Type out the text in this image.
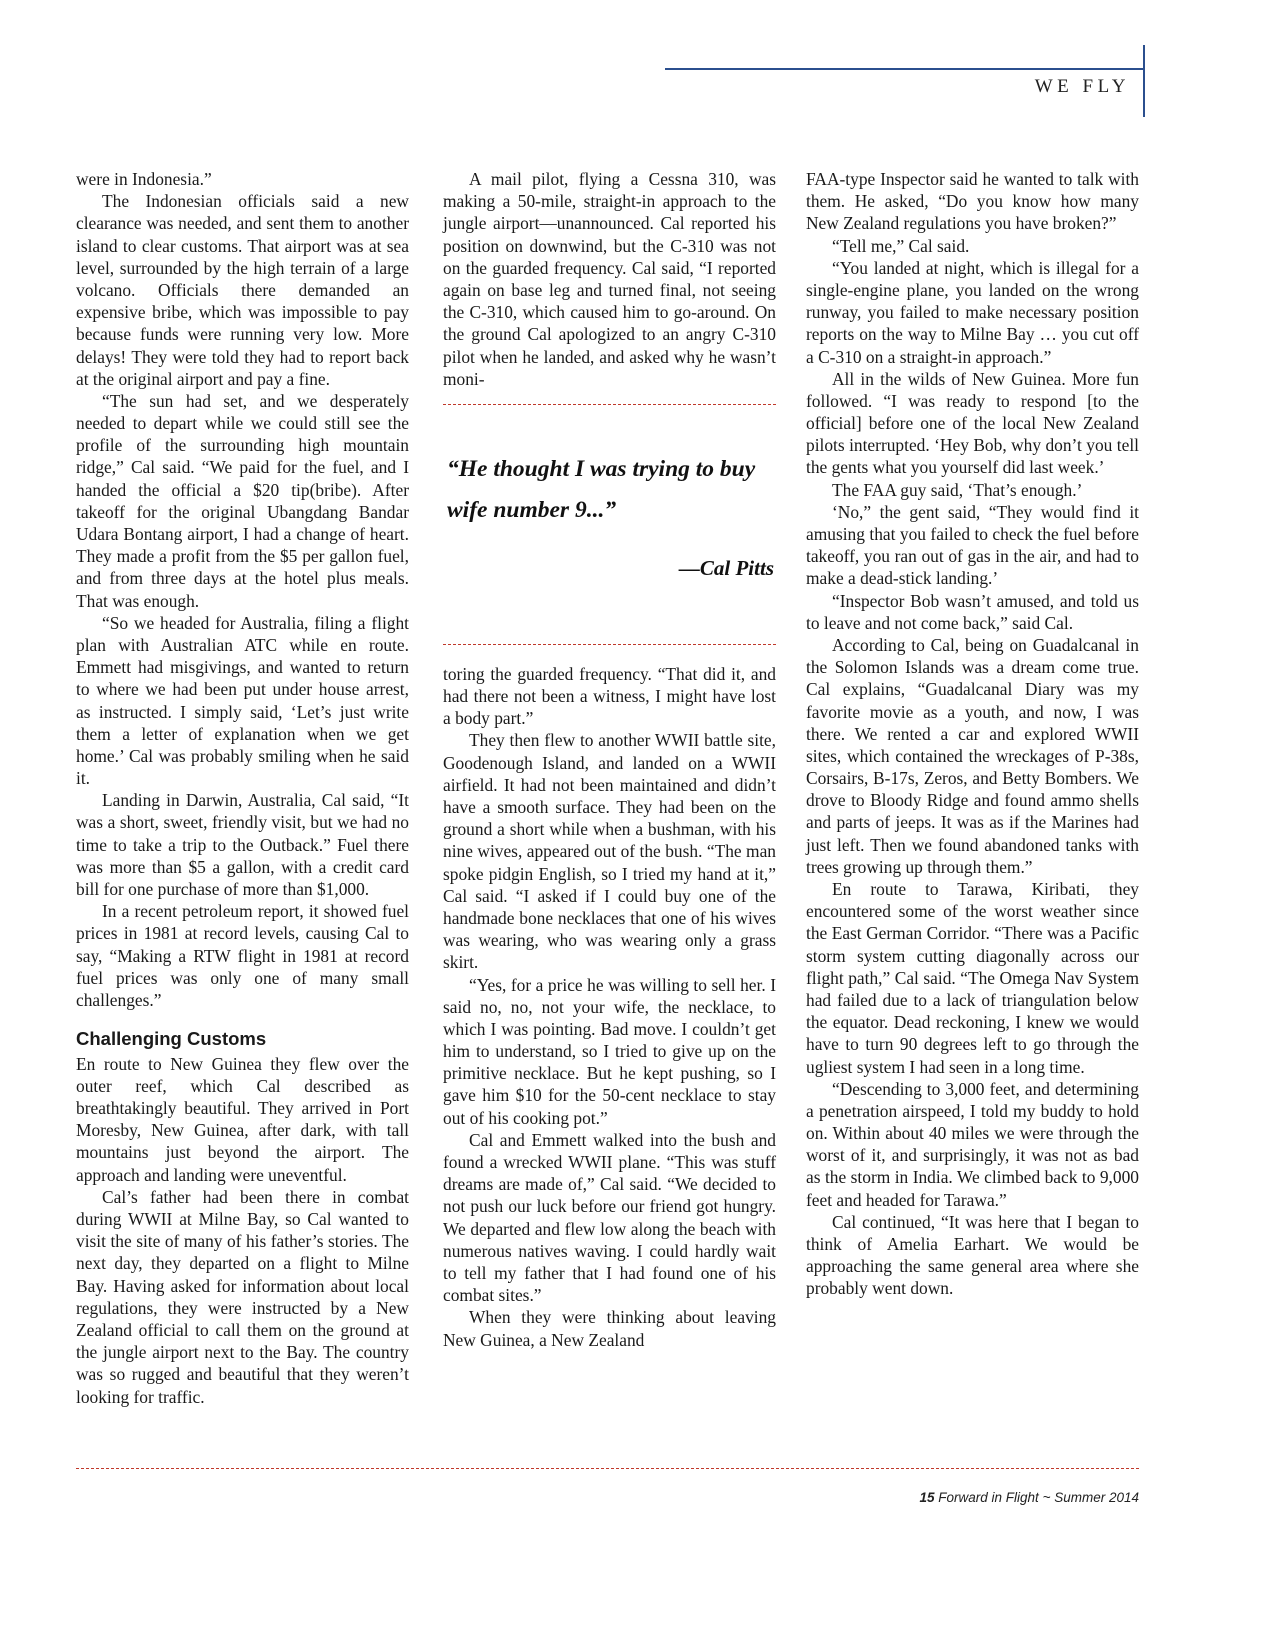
WE FLY

were in Indonesia.”

The Indonesian officials said a new clearance was needed, and sent them to another island to clear customs. That airport was at sea level, surrounded by the high terrain of a large volcano. Officials there demanded an expensive bribe, which was impossible to pay because funds were running very low. More delays! They were told they had to report back at the original airport and pay a fine.

“The sun had set, and we desperately needed to depart while we could still see the profile of the surrounding high mountain ridge,” Cal said. “We paid for the fuel, and I handed the official a $20 tip(bribe). After takeoff for the original Ubangdang Bandar Udara Bontang airport, I had a change of heart. They made a profit from the $5 per gallon fuel, and from three days at the hotel plus meals. That was enough.

“So we headed for Australia, filing a flight plan with Australian ATC while en route. Emmett had misgivings, and wanted to return to where we had been put under house arrest, as instructed. I simply said, ‘Let’s just write them a letter of explanation when we get home.’ Cal was probably smiling when he said it.

Landing in Darwin, Australia, Cal said, “It was a short, sweet, friendly visit, but we had no time to take a trip to the Outback.” Fuel there was more than $5 a gallon, with a credit card bill for one purchase of more than $1,000.

In a recent petroleum report, it showed fuel prices in 1981 at record levels, causing Cal to say, “Making a RTW flight in 1981 at record fuel prices was only one of many small challenges.”

Challenging Customs

En route to New Guinea they flew over the outer reef, which Cal described as breathtakingly beautiful. They arrived in Port Moresby, New Guinea, after dark, with tall mountains just beyond the airport. The approach and landing were uneventful.

Cal’s father had been there in combat during WWII at Milne Bay, so Cal wanted to visit the site of many of his father’s stories. The next day, they departed on a flight to Milne Bay. Having asked for information about local regulations, they were instructed by a New Zealand official to call them on the ground at the jungle airport next to the Bay. The country was so rugged and beautiful that they weren’t looking for traffic.

A mail pilot, flying a Cessna 310, was making a 50-mile, straight-in approach to the jungle airport—unannounced. Cal reported his position on downwind, but the C-310 was not on the guarded frequency. Cal said, “I reported again on base leg and turned final, not seeing the C-310, which caused him to go-around. On the ground Cal apologized to an angry C-310 pilot when he landed, and asked why he wasn’t moni-

“He thought I was trying to buy wife number 9...”
—Cal Pitts

toring the guarded frequency. “That did it, and had there not been a witness, I might have lost a body part.”

They then flew to another WWII battle site, Goodenough Island, and landed on a WWII airfield. It had not been maintained and didn’t have a smooth surface. They had been on the ground a short while when a bushman, with his nine wives, appeared out of the bush. “The man spoke pidgin English, so I tried my hand at it,” Cal said. “I asked if I could buy one of the handmade bone necklaces that one of his wives was wearing, who was wearing only a grass skirt.

“Yes, for a price he was willing to sell her. I said no, no, not your wife, the necklace, to which I was pointing. Bad move. I couldn’t get him to understand, so I tried to give up on the primitive necklace. But he kept pushing, so I gave him $10 for the 50-cent necklace to stay out of his cooking pot.”

Cal and Emmett walked into the bush and found a wrecked WWII plane. “This was stuff dreams are made of,” Cal said. “We decided to not push our luck before our friend got hungry. We departed and flew low along the beach with numerous natives waving. I could hardly wait to tell my father that I had found one of his combat sites.”

When they were thinking about leaving New Guinea, a New Zealand

FAA-type Inspector said he wanted to talk with them. He asked, “Do you know how many New Zealand regulations you have broken?”

“Tell me,” Cal said.

“You landed at night, which is illegal for a single-engine plane, you landed on the wrong runway, you failed to make necessary position reports on the way to Milne Bay … you cut off a C-310 on a straight-in approach.”

All in the wilds of New Guinea. More fun followed. “I was ready to respond [to the official] before one of the local New Zealand pilots interrupted. ‘Hey Bob, why don’t you tell the gents what you yourself did last week.’

The FAA guy said, ‘That’s enough.’

‘No,” the gent said, “They would find it amusing that you failed to check the fuel before takeoff, you ran out of gas in the air, and had to make a dead-stick landing.’

“Inspector Bob wasn’t amused, and told us to leave and not come back,” said Cal.

According to Cal, being on Guadalcanal in the Solomon Islands was a dream come true. Cal explains, “Guadalcanal Diary was my favorite movie as a youth, and now, I was there. We rented a car and explored WWII sites, which contained the wreckages of P-38s, Corsairs, B-17s, Zeros, and Betty Bombers. We drove to Bloody Ridge and found ammo shells and parts of jeeps. It was as if the Marines had just left. Then we found abandoned tanks with trees growing up through them.”

En route to Tarawa, Kiribati, they encountered some of the worst weather since the East German Corridor. “There was a Pacific storm system cutting diagonally across our flight path,” Cal said. “The Omega Nav System had failed due to a lack of triangulation below the equator. Dead reckoning, I knew we would have to turn 90 degrees left to go through the ugliest system I had seen in a long time.

“Descending to 3,000 feet, and determining a penetration airspeed, I told my buddy to hold on. Within about 40 miles we were through the worst of it, and surprisingly, it was not as bad as the storm in India. We climbed back to 9,000 feet and headed for Tarawa.”

Cal continued, “It was here that I began to think of Amelia Earhart. We would be approaching the same general area where she probably went down.

15 Forward in Flight ~ Summer 2014
